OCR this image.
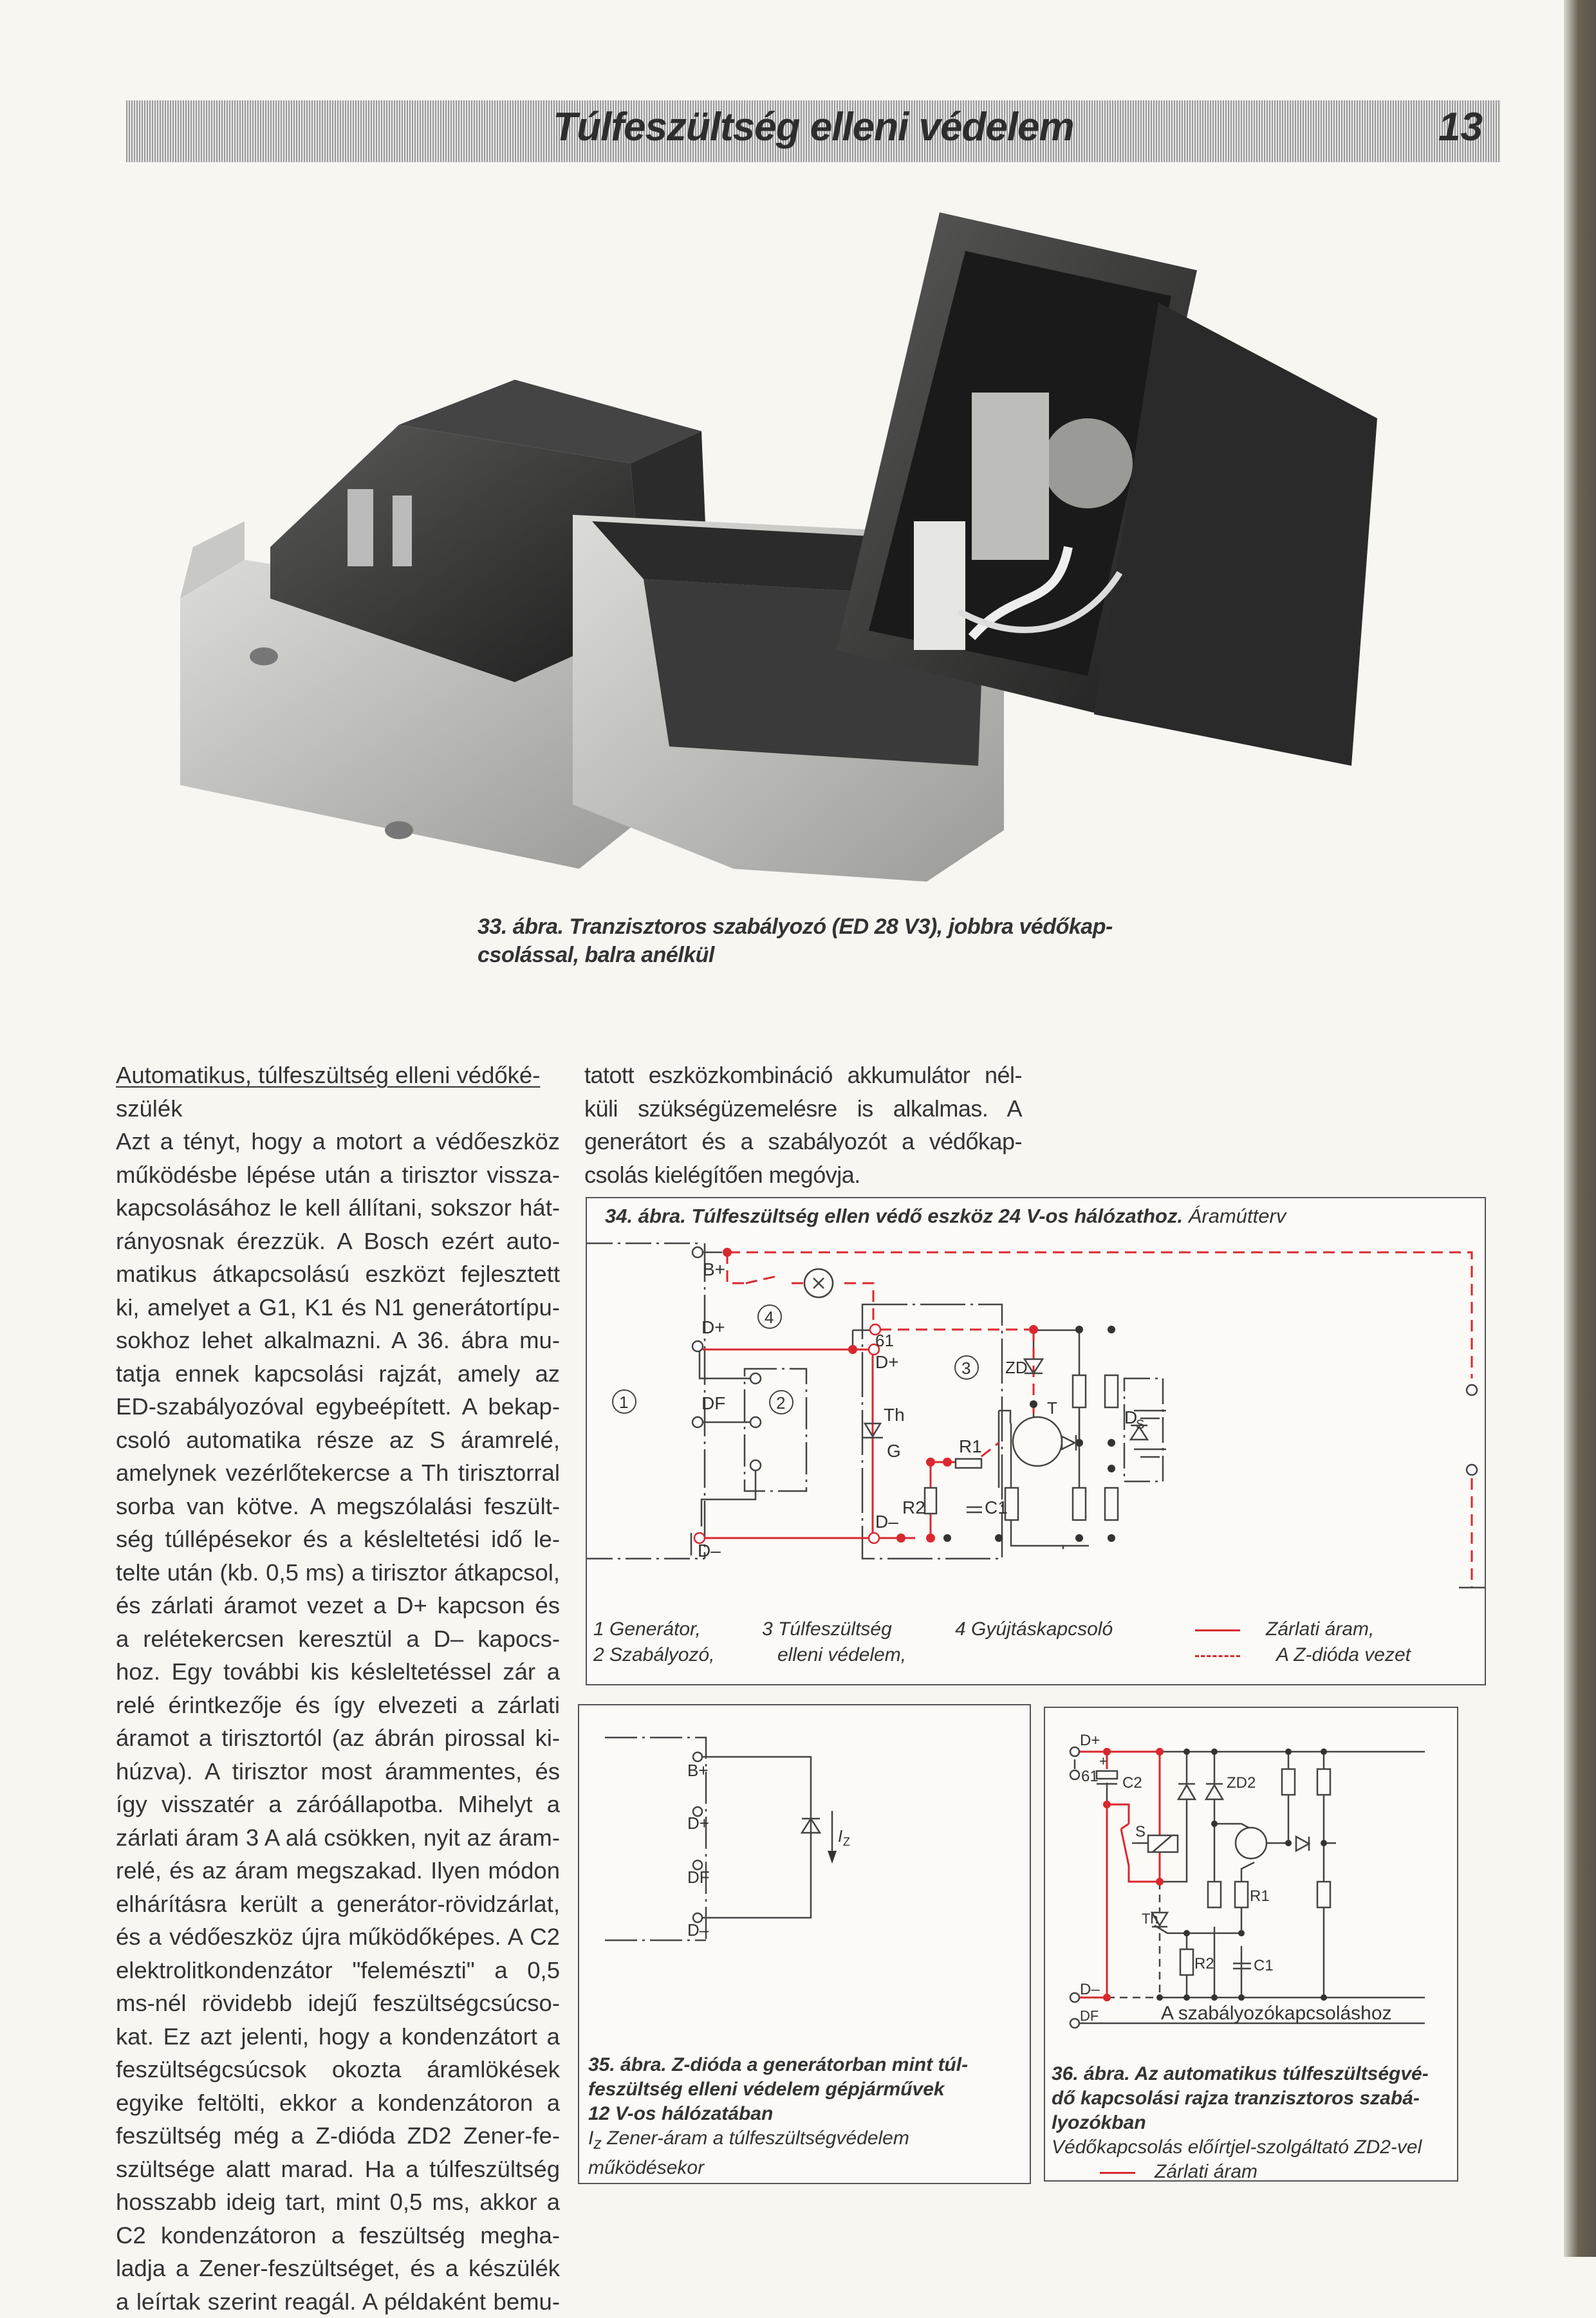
Túlfeszültség elleni védelem	13
33. ábra. Tranzisztoros szabályozó (ED 28 V3), jobbra védőkap-
csolással, balra anélkül
Automatikus, túlfeszültség elleni védőké-
szülék
Azt a tényt, hogy a motort a védőeszköz
működésbe lépése után a tirisztor vissza-
kapcsolásához le kell állítani, sokszor hát-
rányosnak érezzük. A Bosch ezért auto-
matikus átkapcsolású eszközt fejlesztett
ki, amelyet a G1, K1 és N1 generátortípu-
sokhoz lehet alkalmazni. A 36. ábra mu-
tatja ennek kapcsolási rajzát, amely az
ED-szabályozóval egybeépített. A bekap-
csoló automatika része az S áramrelé,
amelynek vezérlőtekercse a Th tirisztorral
sorba van kötve. A megszólalási feszült-
ség túllépésekor és a késleltetési idő le-
telte után (kb. 0,5 ms) a tirisztor átkapcsol,
és zárlati áramot vezet a D+ kapcson és
a relétekercsen keresztül a D– kapocs-
hoz. Egy további kis késleltetéssel zár a
relé érintkezője és így elvezeti a zárlati
áramot a tirisztortól (az ábrán pirossal ki-
húzva). A tirisztor most árammentes, és
így visszatér a záróállapotba. Mihelyt a
zárlati áram 3 A alá csökken, nyit az áram-
relé, és az áram megszakad. Ilyen módon
elhárításra került a generátor-rövidzárlat,
és a védőeszköz újra működőképes. A C2
elektrolitkondenzátor "felemészti" a 0,5
ms-nél rövidebb idejű feszültségcsúcso-
kat. Ez azt jelenti, hogy a kondenzátort a
feszültségcsúcsok okozta áramlökések
egyike feltölti, ekkor a kondenzátoron a
feszültség még a Z-dióda ZD2 Zener-fe-
szültsége alatt marad. Ha a túlfeszültség
hosszabb ideig tart, mint 0,5 ms, akkor a
C2 kondenzátoron a feszültség megha-
ladja a Zener-feszültséget, és a készülék
a leírtak szerint reagál. A példaként bemu-
tatott eszközkombináció akkumulátor nél-
küli szükségüzemelésre is alkalmas. A
generátort és a szabályozót a védőkap-
csolás kielégítően megóvja.
34. ábra. Túlfeszültség ellen védő eszköz 24 V-os hálózathoz. Áramútterv
B+
D+
DF
D–
61
D+
D–
Th
G	R1
R2	C1
ZD
T	D
S
1	2
3
4
1 Generátor,
2 Szabályozó,
3 Túlfeszültség
elleni védelem,
4 Gyújtáskapcsoló	Zárlati áram,
A Z-dióda vezet
B+
D+
DF
D–
I Z
35. ábra. Z-dióda a generátorban mint túl-
feszültség elleni védelem gépjárművek
12 V-os hálózatában
$I_z$ Zener-áram a túlfeszültségvédelem
működésekor
D+
61
+
C2	ZD2
S
Th
R1
R2	C1
D–
DF	A szabályozókapcsoláshoz
36. ábra. Az automatikus túlfeszültségvé-
dő kapcsolási rajza tranzisztoros szabá-
lyozókban
Védőkapcsolás előírtjel-szolgáltató ZD2-vel
Zárlati áram
